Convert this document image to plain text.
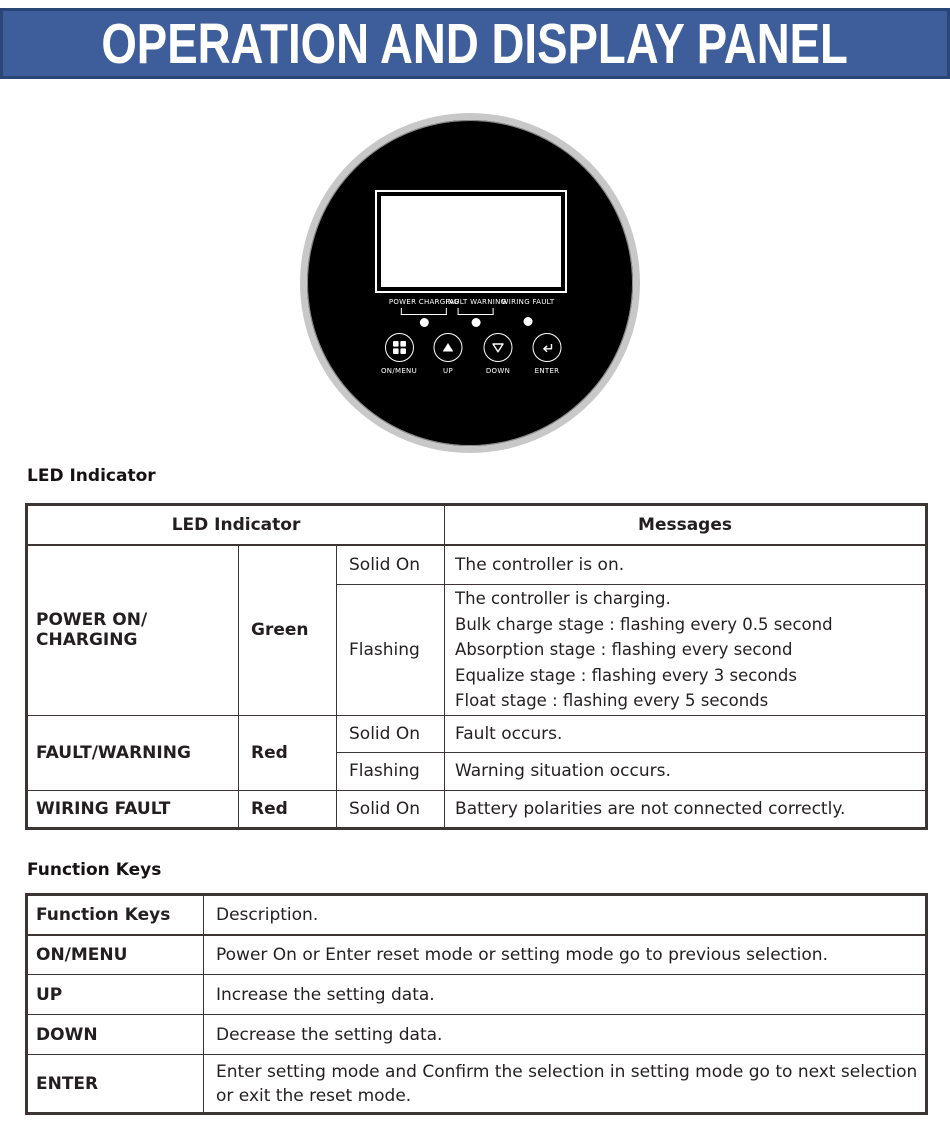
OPERATION AND DISPLAY PANEL
POWER CHARGING
FAULT WARNING
WIRING FAULT
ON/MENU	UP	DOWN	ENTER
LED Indicator
LED Indicator			Messages

POWER ON/
CHARGING	Green	Solid On	The controller is on.
		Flashing	The controller is charging.
Bulk charge stage : flashing every 0.5 second
Absorption stage : flashing every second
Equalize stage : flashing every 3 seconds
Float stage : flashing every 5 seconds

FAULT/WARNING	Red	Solid On	Fault occurs.
		Flashing	Warning situation occurs.
WIRING FAULT	Red	Solid On	Battery polarities are not connected correctly.
Function Keys
Function Keys	Description.
ON/MENU	Power On or Enter reset mode or setting mode go to previous selection.
UP	Increase the setting data.
DOWN	Decrease the setting data.
ENTER	Enter setting mode and Confirm the selection in setting mode go to next selection or exit the reset mode.
